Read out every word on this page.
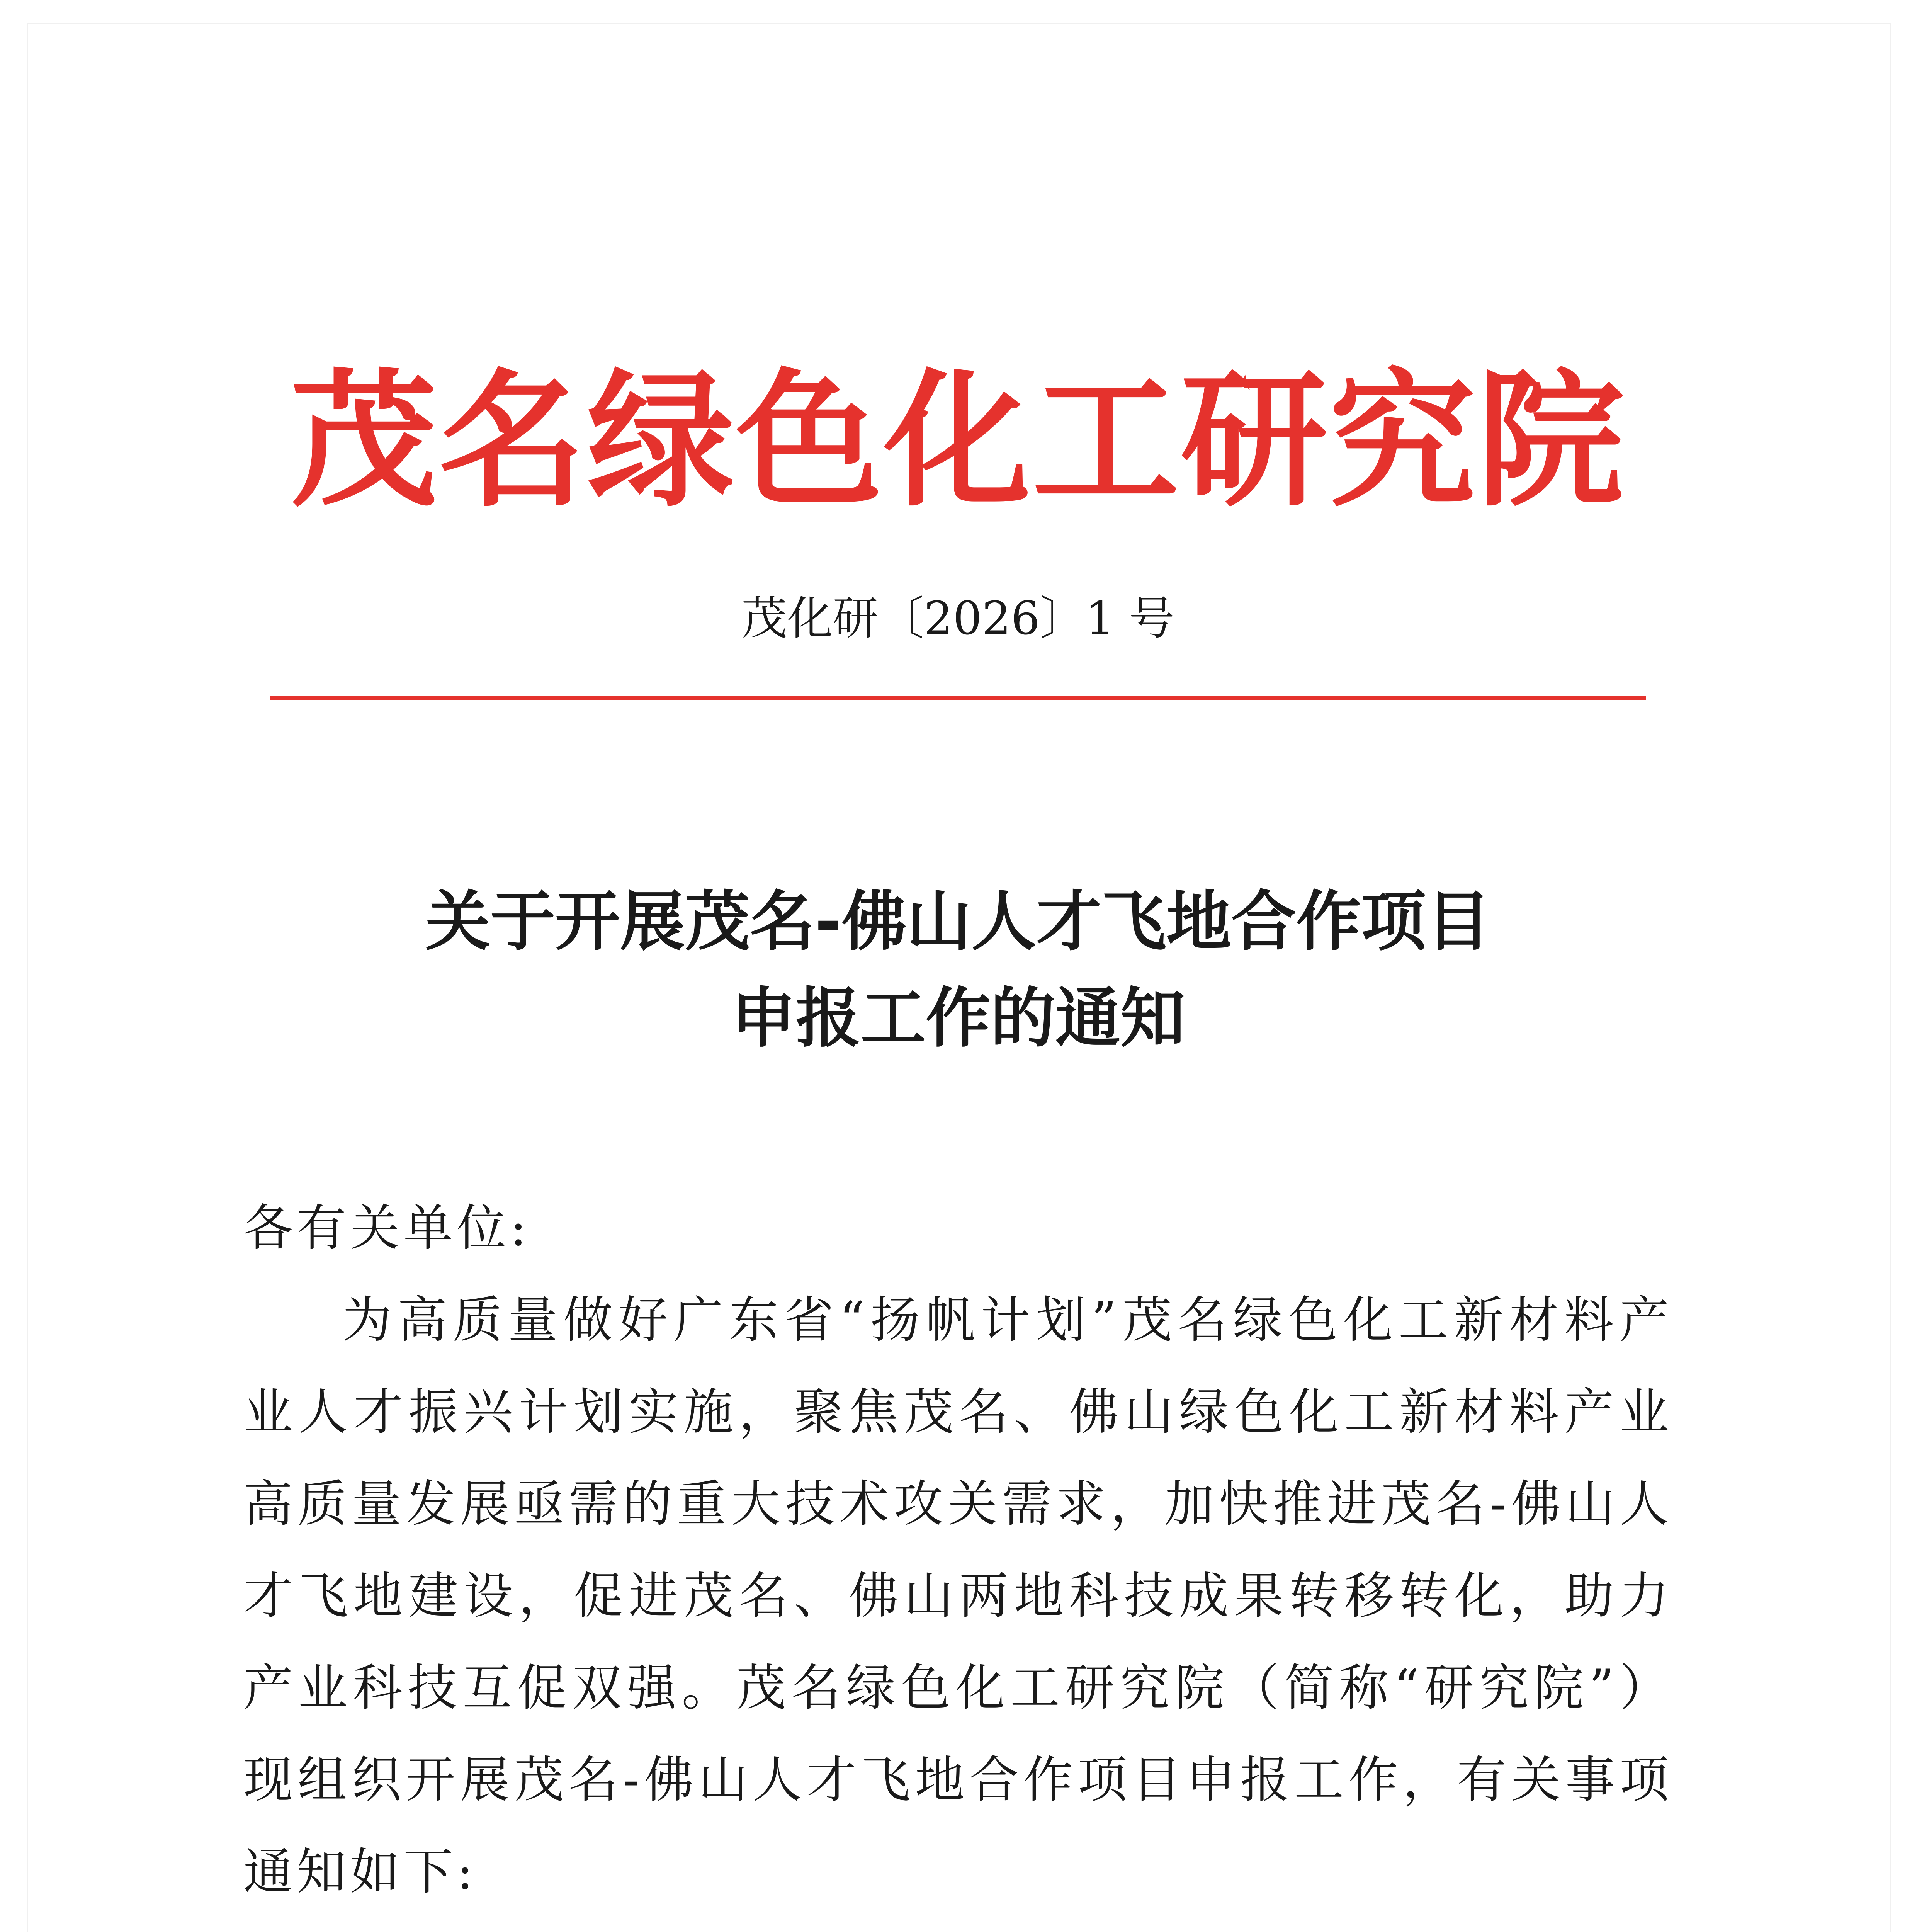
茂名绿色化工研究院
茂化研〔2026〕1 号
关于开展茂名-佛山人才飞地合作项目
申报工作的通知

各有关单位:

为高质量做好广东省“扬帆计划”茂名绿色化工新材料产业人才振兴计划实施，聚焦茂名、佛山绿色化工新材料产业高质量发展亟需的重大技术攻关需求，加快推进茂名-佛山人才飞地建设，促进茂名、佛山两地科技成果转移转化，助力产业科技互促双强。茂名绿色化工研究院（简称“研究院”）现组织开展茂名-佛山人才飞地合作项目申报工作，有关事项通知如下:
